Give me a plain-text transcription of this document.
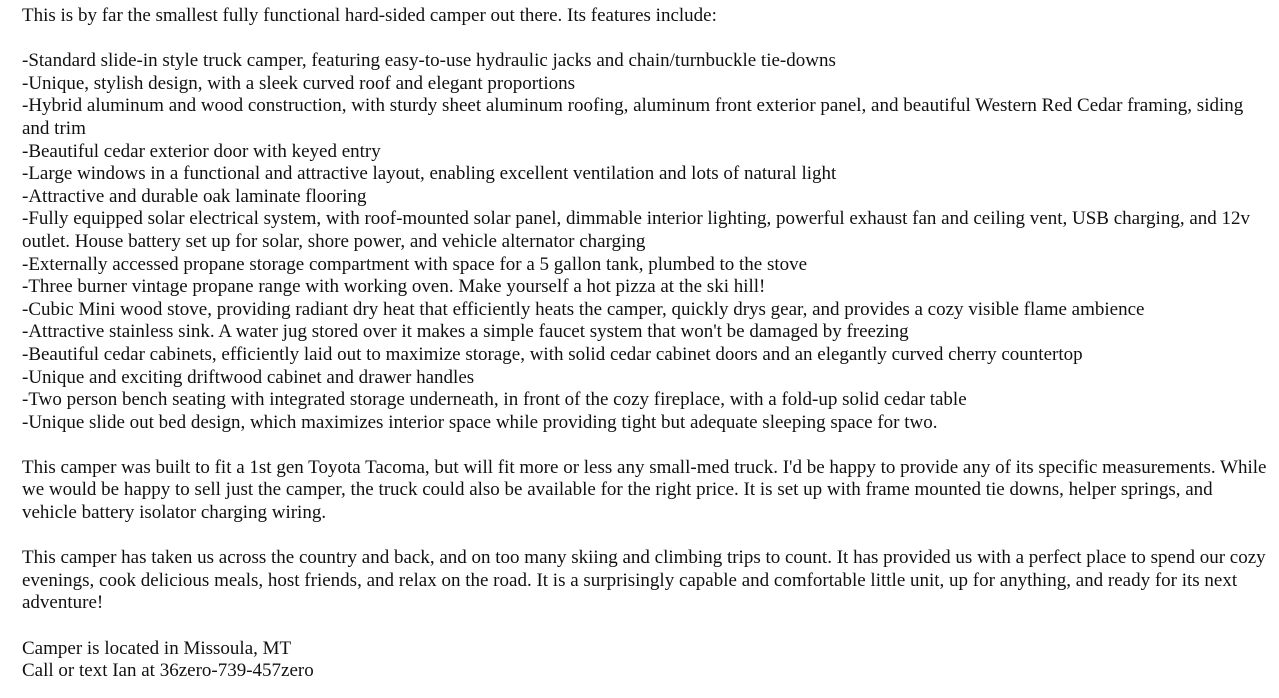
This is by far the smallest fully functional hard-sided camper out there. Its features include:

-Standard slide-in style truck camper, featuring easy-to-use hydraulic jacks and chain/turnbuckle tie-downs
-Unique, stylish design, with a sleek curved roof and elegant proportions
-Hybrid aluminum and wood construction, with sturdy sheet aluminum roofing, aluminum front exterior panel, and beautiful Western Red Cedar framing, siding and trim
-Beautiful cedar exterior door with keyed entry
-Large windows in a functional and attractive layout, enabling excellent ventilation and lots of natural light
-Attractive and durable oak laminate flooring
-Fully equipped solar electrical system, with roof-mounted solar panel, dimmable interior lighting, powerful exhaust fan and ceiling vent, USB charging, and 12v outlet. House battery set up for solar, shore power, and vehicle alternator charging
-Externally accessed propane storage compartment with space for a 5 gallon tank, plumbed to the stove
-Three burner vintage propane range with working oven. Make yourself a hot pizza at the ski hill!
-Cubic Mini wood stove, providing radiant dry heat that efficiently heats the camper, quickly drys gear, and provides a cozy visible flame ambience
-Attractive stainless sink. A water jug stored over it makes a simple faucet system that won't be damaged by freezing
-Beautiful cedar cabinets, efficiently laid out to maximize storage, with solid cedar cabinet doors and an elegantly curved cherry countertop
-Unique and exciting driftwood cabinet and drawer handles
-Two person bench seating with integrated storage underneath, in front of the cozy fireplace, with a fold-up solid cedar table
-Unique slide out bed design, which maximizes interior space while providing tight but adequate sleeping space for two.

This camper was built to fit a 1st gen Toyota Tacoma, but will fit more or less any small-med truck. I'd be happy to provide any of its specific measurements. While we would be happy to sell just the camper, the truck could also be available for the right price. It is set up with frame mounted tie downs, helper springs, and vehicle battery isolator charging wiring.

This camper has taken us across the country and back, and on too many skiing and climbing trips to count. It has provided us with a perfect place to spend our cozy evenings, cook delicious meals, host friends, and relax on the road. It is a surprisingly capable and comfortable little unit, up for anything, and ready for its next adventure!

Camper is located in Missoula, MT

Call or text Ian at 36zero-739-457zero
